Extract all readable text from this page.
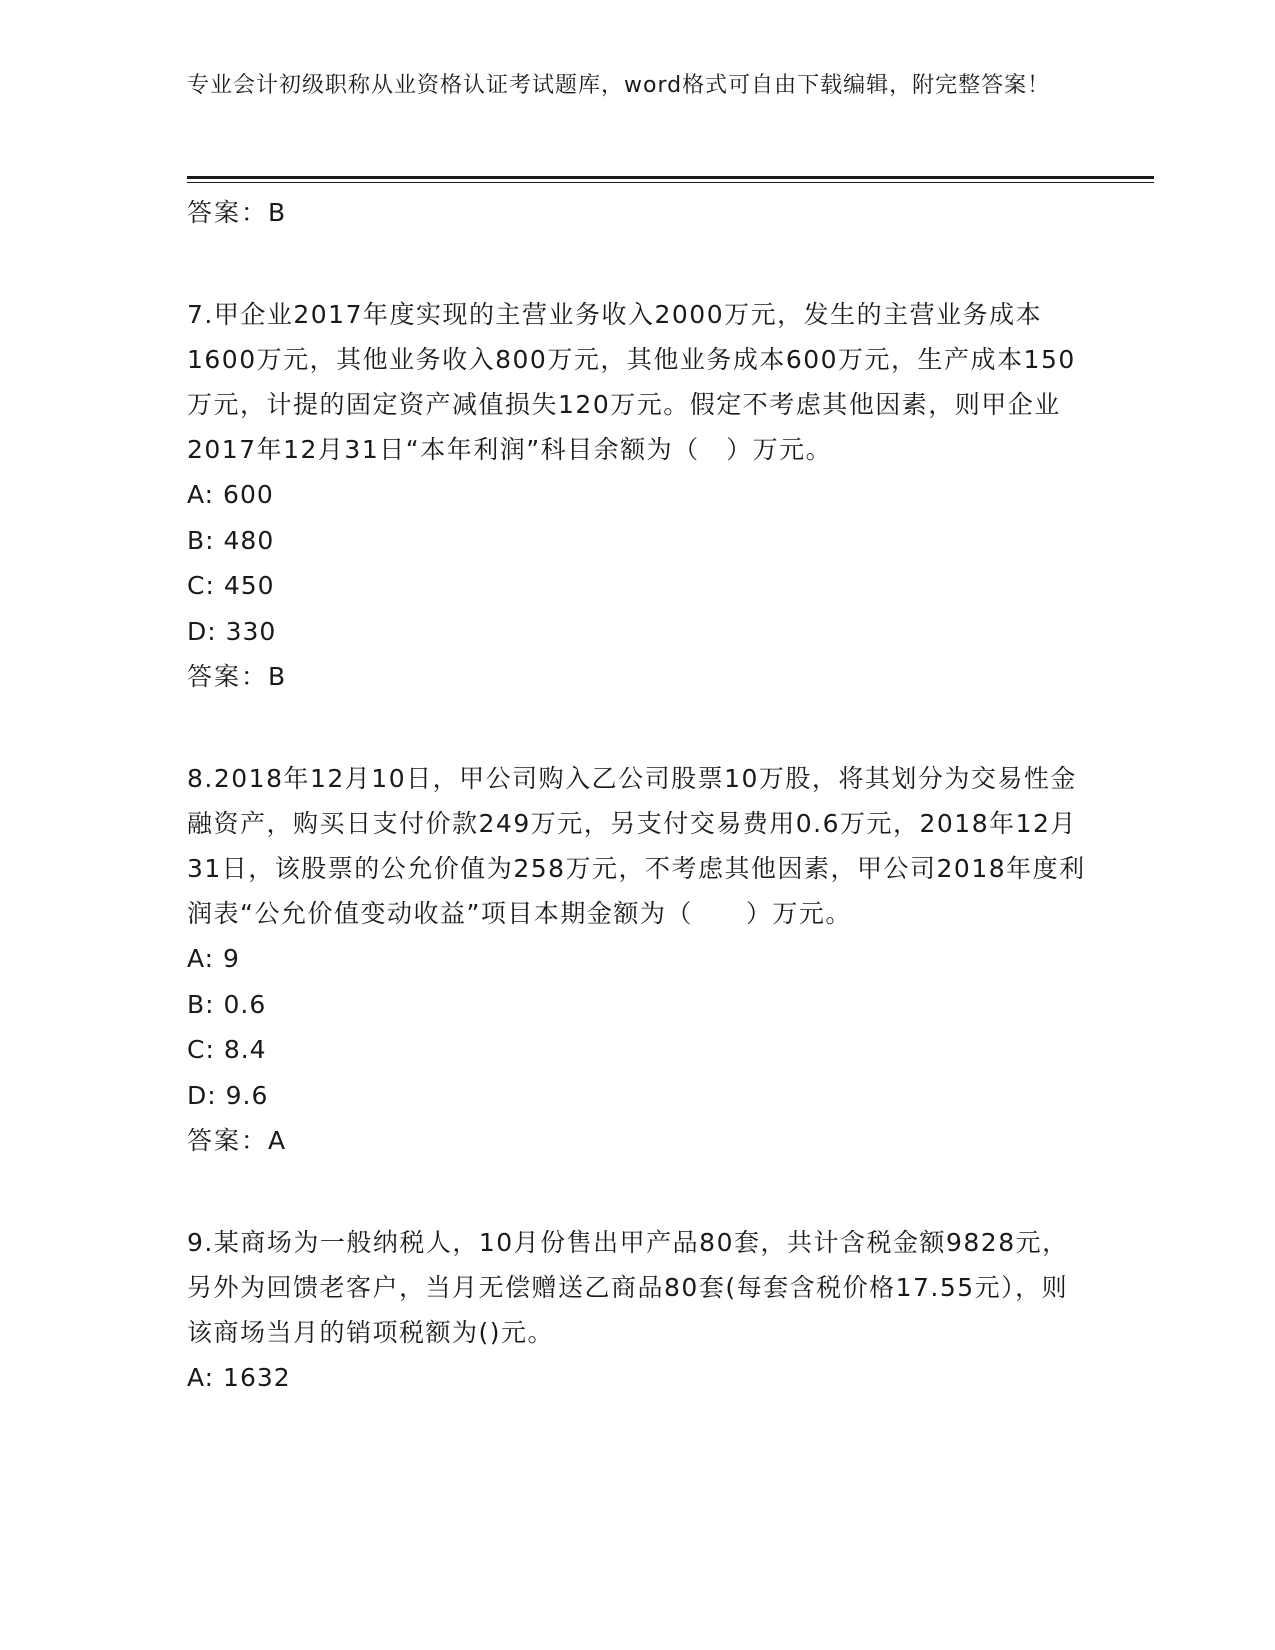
专业会计初级职称从业资格认证考试题库，word格式可自由下载编辑，附完整答案！
答案：B

7.甲企业2017年度实现的主营业务收入2000万元，发生的主营业务成本1600万元，其他业务收入800万元，其他业务成本600万元，生产成本150万元，计提的固定资产减值损失120万元。假定不考虑其他因素，则甲企业2017年12月31日“本年利润”科目余额为（　）万元。

A: 600
B: 480
C: 450
D: 330
答案：B

8.2018年12月10日，甲公司购入乙公司股票10万股，将其划分为交易性金融资产，购买日支付价款249万元，另支付交易费用0.6万元，2018年12月31日，该股票的公允价值为258万元，不考虑其他因素，甲公司2018年度利润表“公允价值变动收益”项目本期金额为（　　）万元。

A: 9
B: 0.6
C: 8.4
D: 9.6
答案：A

9.某商场为一般纳税人，10月份售出甲产品80套，共计含税金额9828元，另外为回馈老客户，当月无偿赠送乙商品80套(每套含税价格17.55元），则该商场当月的销项税额为()元。

A: 1632
